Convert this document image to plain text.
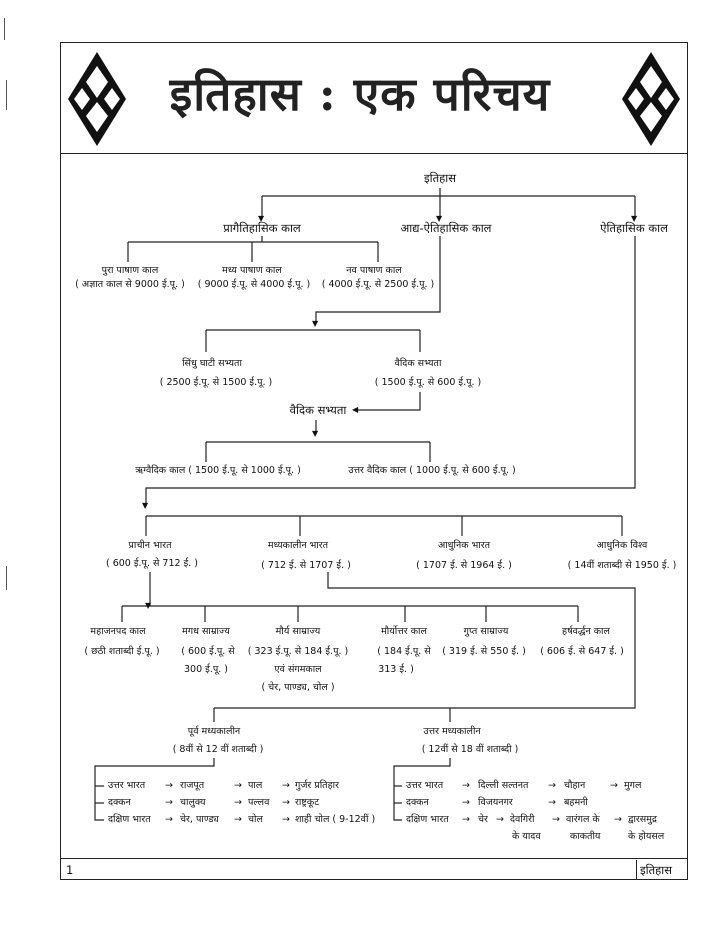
इतिहास : एक परिचय
▼
▼	▼
▼
◀
▼
▼
▼
इतिहास
प्रागैतिहासिक काल	आद्य-ऐतिहासिक काल	ऐतिहासिक काल
पुरा पाषाण काल
( अज्ञात काल से 9000 ई.पू. )
मध्य पाषाण काल
( 9000 ई.पू. से 4000 ई.पू. )
नव पाषाण काल
( 4000 ई.पू. से 2500 ई.पू. )
सिंधु घाटी सभ्यता
( 2500 ई.पू. से 1500 ई.पू. )
वैदिक सभ्यता
( 1500 ई.पू. से 600 ई.पू. )
वैदिक सभ्यता
ऋग्वैदिक काल ( 1500 ई.पू. से 1000 ई.पू. )	उत्तर वैदिक काल ( 1000 ई.पू. से 600 ई.पू. )
प्राचीन भारत
( 600 ई.पू. से 712 ई. )
मध्यकालीन भारत
( 712 ई. से 1707 ई. )
आधुनिक भारत
( 1707 ई. से 1964 ई. )
आधुनिक विश्व
( 14वीं शताब्दी से 1950 ई. )
महाजनपद काल
( छठी शताब्दी ई.पू. )
मगध साम्राज्य
( 600 ई.पू. से
300 ई.पू. )
मौर्य साम्राज्य
( 323 ई.पू. से 184 ई.पू. )
एवं संगमकाल
( चेर, पाण्ड्य, चोल )
मौर्योत्तर काल
( 184 ई.पू. से
313 ई. )
गुप्त साम्राज्य
( 319 ई. से 550 ई. )
हर्षवर्द्धन काल
( 606 ई. से 647 ई. )
पूर्व मध्यकालीन
( 8वीं से 12 वीं शताब्दी )
उत्तर मध्यकालीन
( 12वीं से 18 वीं शताब्दी )
उत्तर भारत → राजपूत	→ पाल → गुर्जर प्रतिहार
दक्कन	→ चालुक्य	→ पल्लव → राष्ट्रकूट
दक्षिण भारत → चेर, पाण्ड्य → चोल → शाही चोल ( 9-12वीं )
उत्तर भारत → दिल्ली सल्तनत → चौहान	→ मुगल
दक्कन	→ विजयनगर	→ बहमनी
दक्षिण भारत → चेर → देवगिरी
के यादव
→ वारंगल के
काकतीय
→ द्वारसमुद्र
के होयसल
1	इतिहास
